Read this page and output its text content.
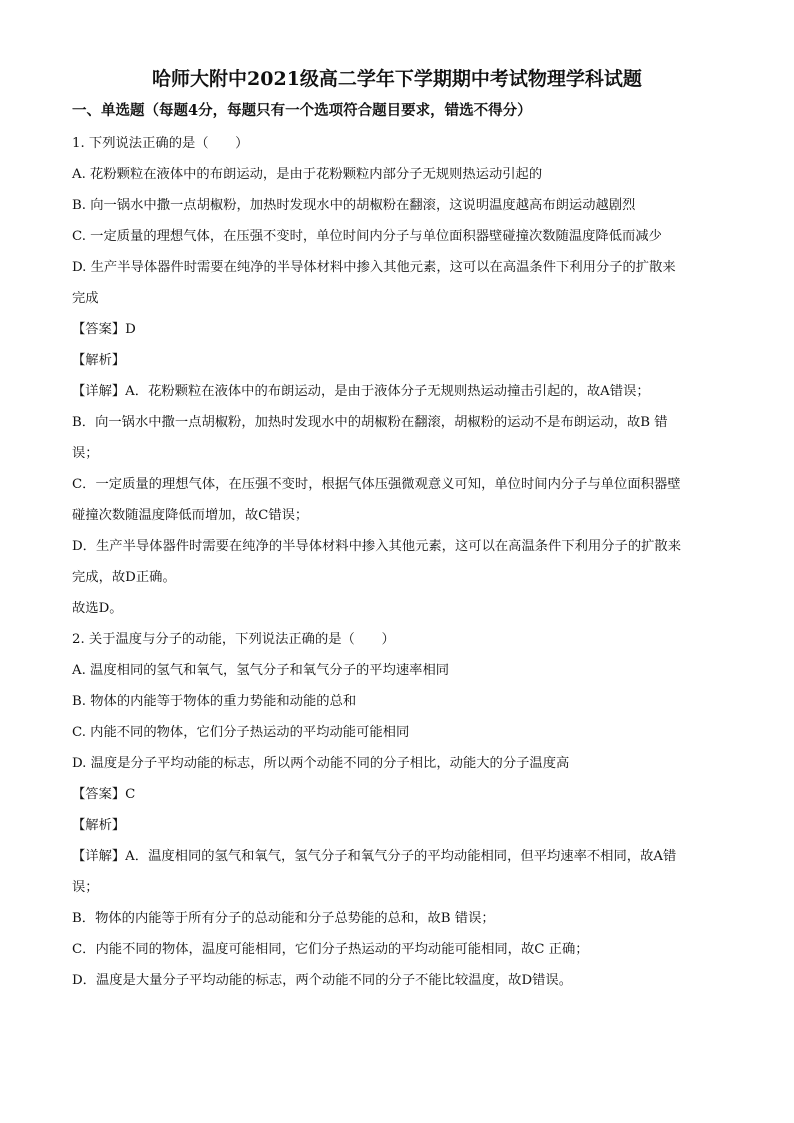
哈师大附中2021级高二学年下学期期中考试物理学科试题

一、单选题（每题4分，每题只有一个选项符合题目要求，错选不得分）

1. 下列说法正确的是（　　）

A. 花粉颗粒在液体中的布朗运动，是由于花粉颗粒内部分子无规则热运动引起的

B. 向一锅水中撒一点胡椒粉，加热时发现水中的胡椒粉在翻滚，这说明温度越高布朗运动越剧烈

C. 一定质量的理想气体，在压强不变时，单位时间内分子与单位面积器壁碰撞次数随温度降低而减少

D. 生产半导体器件时需要在纯净的半导体材料中掺入其他元素，这可以在高温条件下利用分子的扩散来

完成

【答案】D

【解析】

【详解】A．花粉颗粒在液体中的布朗运动，是由于液体分子无规则热运动撞击引起的，故A错误；

B．向一锅水中撒一点胡椒粉，加热时发现水中的胡椒粉在翻滚，胡椒粉的运动不是布朗运动，故B 错

误；

C．一定质量的理想气体，在压强不变时，根据气体压强微观意义可知，单位时间内分子与单位面积器壁

碰撞次数随温度降低而增加，故C错误；

D．生产半导体器件时需要在纯净的半导体材料中掺入其他元素，这可以在高温条件下利用分子的扩散来

完成，故D正确。

故选D。

2. 关于温度与分子的动能，下列说法正确的是（　　）

A. 温度相同的氢气和氧气，氢气分子和氧气分子的平均速率相同

B. 物体的内能等于物体的重力势能和动能的总和

C. 内能不同的物体，它们分子热运动的平均动能可能相同

D. 温度是分子平均动能的标志，所以两个动能不同的分子相比，动能大的分子温度高

【答案】C

【解析】

【详解】A．温度相同的氢气和氧气，氢气分子和氧气分子的平均动能相同，但平均速率不相同，故A错

误；

B．物体的内能等于所有分子的总动能和分子总势能的总和，故B 错误；

C．内能不同的物体，温度可能相同，它们分子热运动的平均动能可能相同，故C 正确；

D．温度是大量分子平均动能的标志，两个动能不同的分子不能比较温度，故D错误。
